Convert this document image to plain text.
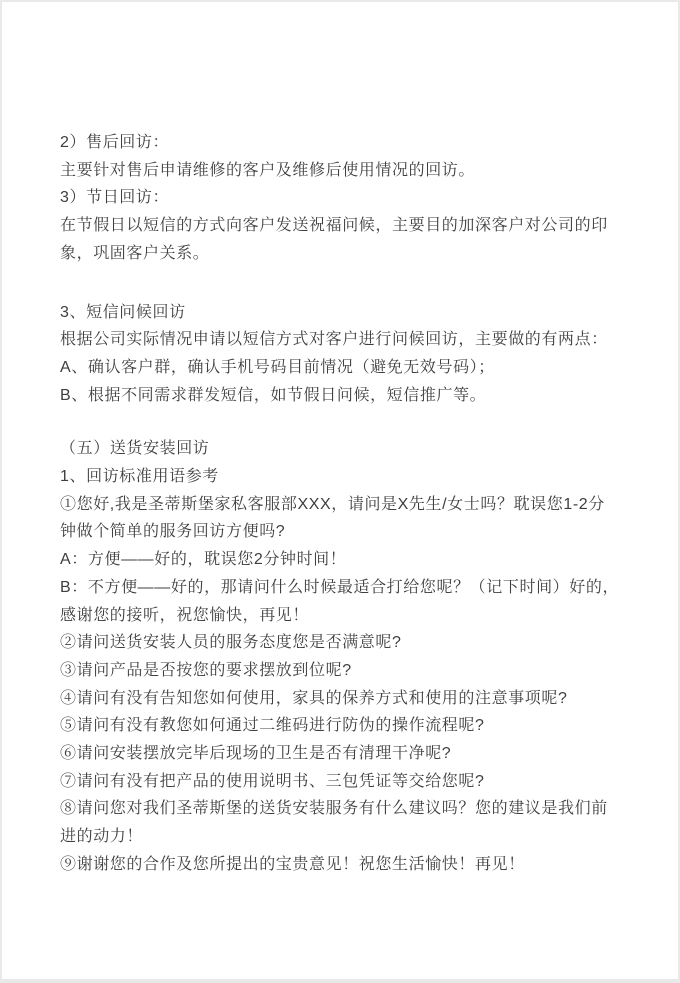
2）售后回访：

主要针对售后申请维修的客户及维修后使用情况的回访。

3）节日回访：

在节假日以短信的方式向客户发送祝福问候，主要目的加深客户对公司的印

象，巩固客户关系。

3、短信问候回访

根据公司实际情况申请以短信方式对客户进行问候回访，主要做的有两点：

A、确认客户群，确认手机号码目前情况（避免无效号码）；

B、根据不同需求群发短信，如节假日问候，短信推广等。

（五）送货安装回访

1、回访标准用语参考

①您好,我是圣蒂斯堡家私客服部XXX，请问是X先生/女士吗？耽误您1-2分

钟做个简单的服务回访方便吗?

A：方便——好的，耽误您2分钟时间！

B：不方便——好的，那请问什么时候最适合打给您呢？（记下时间）好的，

感谢您的接听，祝您愉快，再见！

②请问送货安装人员的服务态度您是否满意呢?

③请问产品是否按您的要求摆放到位呢?

④请问有没有告知您如何使用，家具的保养方式和使用的注意事项呢?

⑤请问有没有教您如何通过二维码进行防伪的操作流程呢?

⑥请问安装摆放完毕后现场的卫生是否有清理干净呢?

⑦请问有没有把产品的使用说明书、三包凭证等交给您呢?

⑧请问您对我们圣蒂斯堡的送货安装服务有什么建议吗？您的建议是我们前

进的动力！

⑨谢谢您的合作及您所提出的宝贵意见！祝您生活愉快！再见！
